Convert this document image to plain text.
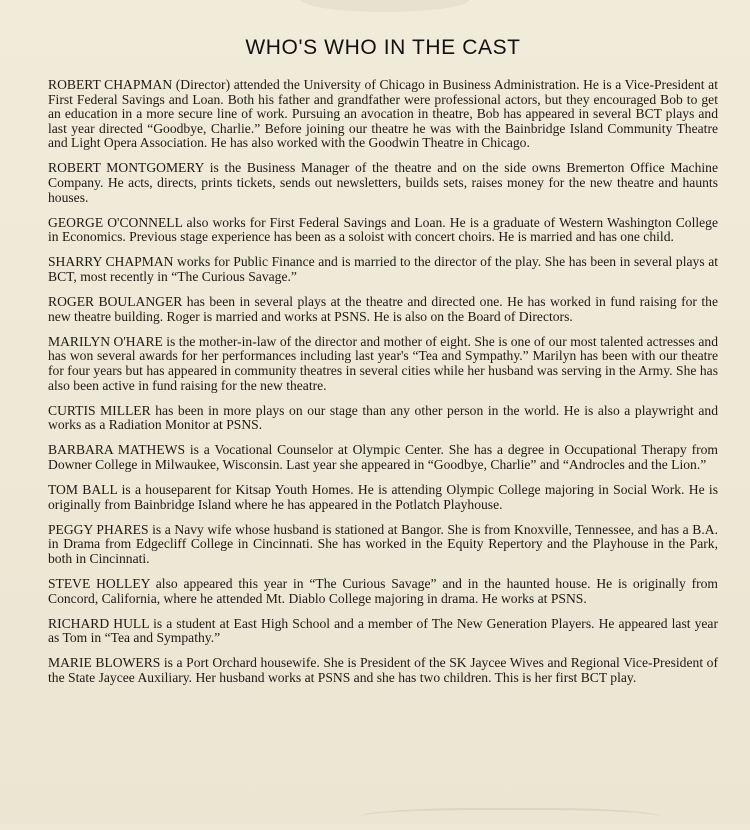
WHO'S WHO IN THE CAST

ROBERT CHAPMAN (Director) attended the University of Chicago in Business Administration. He is a Vice-President at First Federal Savings and Loan. Both his father and grandfather were professional actors, but they encouraged Bob to get an education in a more secure line of work. Pursuing an avocation in theatre, Bob has appeared in several BCT plays and last year directed “Goodbye, Charlie.” Before joining our theatre he was with the Bainbridge Island Community Theatre and Light Opera Association. He has also worked with the Goodwin Theatre in Chicago.

ROBERT MONTGOMERY is the Business Manager of the theatre and on the side owns Bremerton Office Machine Company. He acts, directs, prints tickets, sends out newsletters, builds sets, raises money for the new theatre and haunts houses.

GEORGE O'CONNELL also works for First Federal Savings and Loan. He is a graduate of Western Washington College in Economics. Previous stage experience has been as a soloist with concert choirs. He is married and has one child.

SHARRY CHAPMAN works for Public Finance and is married to the director of the play. She has been in several plays at BCT, most recently in “The Curious Savage.”

ROGER BOULANGER has been in several plays at the theatre and directed one. He has worked in fund raising for the new theatre building. Roger is married and works at PSNS. He is also on the Board of Directors.

MARILYN O'HARE is the mother-in-law of the director and mother of eight. She is one of our most talented actresses and has won several awards for her performances including last year's “Tea and Sympathy.” Marilyn has been with our theatre for four years but has appeared in community theatres in several cities while her husband was serving in the Army. She has also been active in fund raising for the new theatre.

CURTIS MILLER has been in more plays on our stage than any other person in the world. He is also a playwright and works as a Radiation Monitor at PSNS.

BARBARA MATHEWS is a Vocational Counselor at Olympic Center. She has a degree in Occupational Therapy from Downer College in Milwaukee, Wisconsin. Last year she appeared in “Goodbye, Charlie” and “Androcles and the Lion.”

TOM BALL is a houseparent for Kitsap Youth Homes. He is attending Olympic College majoring in Social Work. He is originally from Bainbridge Island where he has appeared in the Potlatch Playhouse.

PEGGY PHARES is a Navy wife whose husband is stationed at Bangor. She is from Knoxville, Tennessee, and has a B.A. in Drama from Edgecliff College in Cincinnati. She has worked in the Equity Repertory and the Playhouse in the Park, both in Cincinnati.

STEVE HOLLEY also appeared this year in “The Curious Savage” and in the haunted house. He is originally from Concord, California, where he attended Mt. Diablo College majoring in drama. He works at PSNS.

RICHARD HULL is a student at East High School and a member of The New Generation Players. He appeared last year as Tom in “Tea and Sympathy.”

MARIE BLOWERS is a Port Orchard housewife. She is President of the SK Jaycee Wives and Regional Vice-President of the State Jaycee Auxiliary. Her husband works at PSNS and she has two children. This is her first BCT play.
